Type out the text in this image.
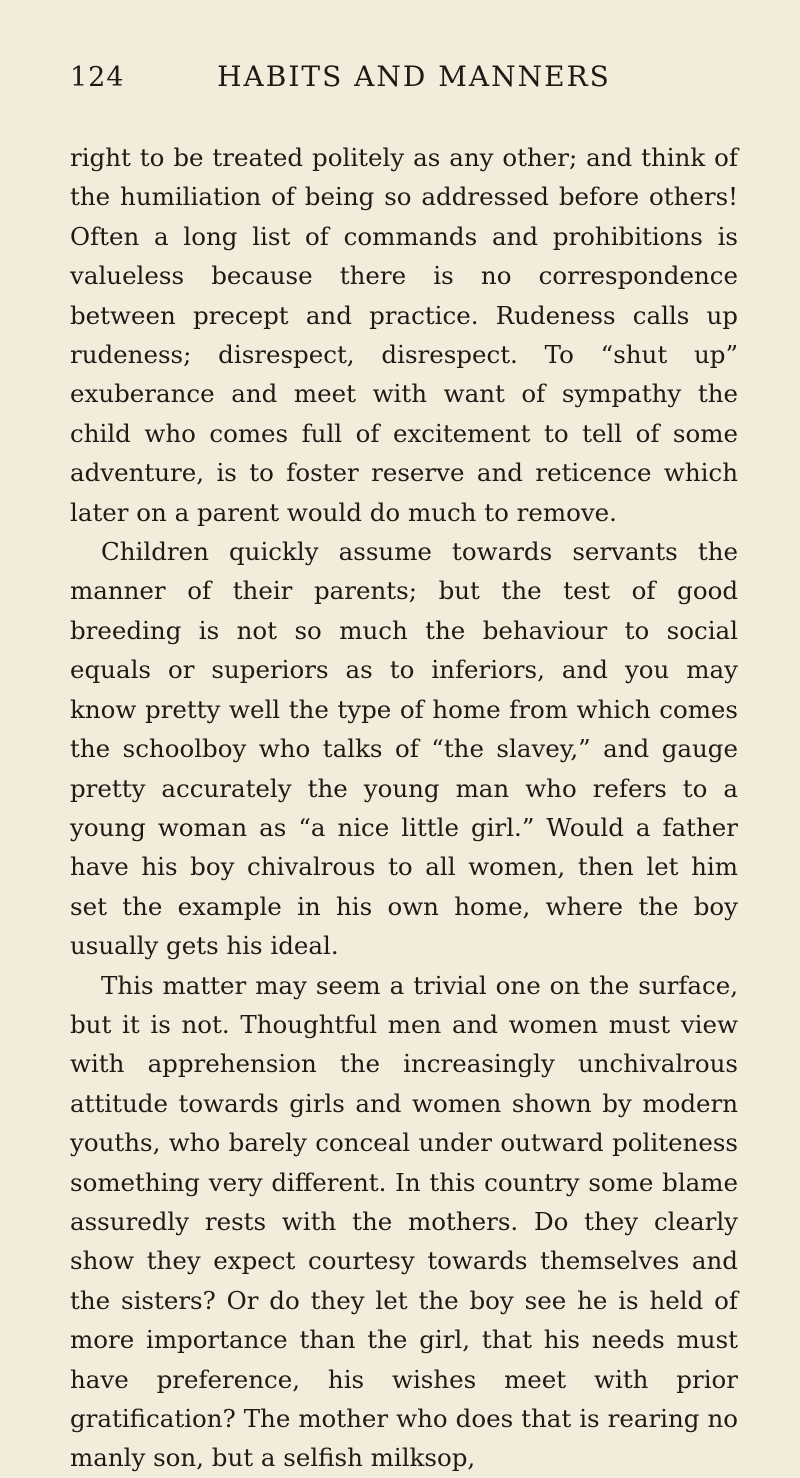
124	HABITS AND MANNERS

right to be treated politely as any other; and think of the humiliation of being so addressed before others! Often a long list of commands and prohibitions is valueless because there is no correspondence between precept and practice. Rudeness calls up rudeness; disrespect, disrespect. To “shut up” exuberance and meet with want of sympathy the child who comes full of excitement to tell of some adventure, is to foster reserve and reticence which later on a parent would do much to remove.

Children quickly assume towards servants the manner of their parents; but the test of good breeding is not so much the behaviour to social equals or superiors as to inferiors, and you may know pretty well the type of home from which comes the schoolboy who talks of “the slavey,” and gauge pretty accurately the young man who refers to a young woman as “a nice little girl.” Would a father have his boy chivalrous to all women, then let him set the example in his own home, where the boy usually gets his ideal.

This matter may seem a trivial one on the surface, but it is not. Thoughtful men and women must view with apprehension the increasingly unchivalrous attitude towards girls and women shown by modern youths, who barely conceal under outward politeness something very different. In this country some blame assuredly rests with the mothers. Do they clearly show they expect courtesy towards themselves and the sisters? Or do they let the boy see he is held of more importance than the girl, that his needs must have preference, his wishes meet with prior gratification? The mother who does that is rearing no manly son, but a selfish milksop,
